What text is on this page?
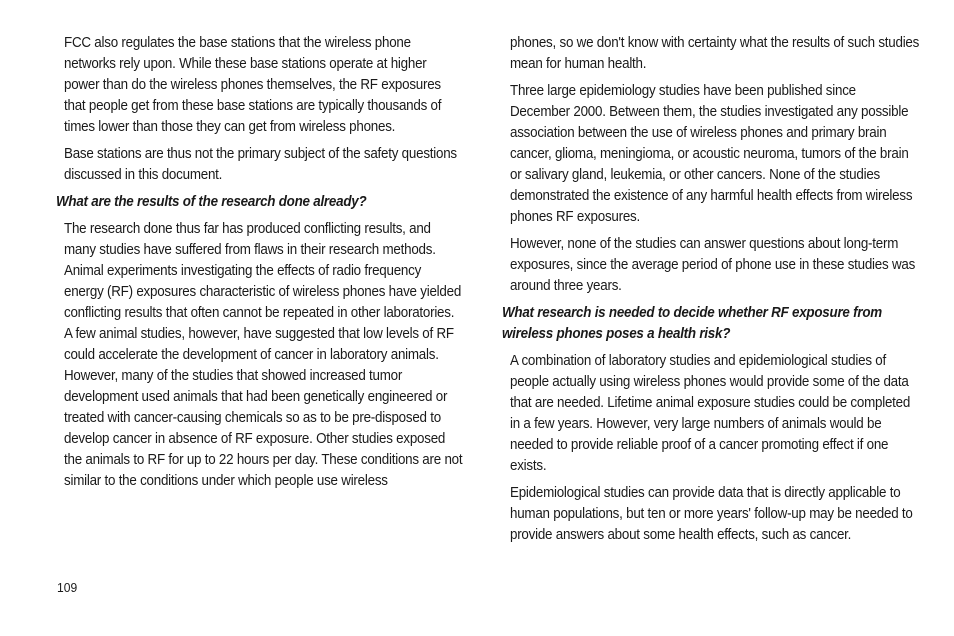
FCC also regulates the base stations that the wireless phone networks rely upon. While these base stations operate at higher power than do the wireless phones themselves, the RF exposures that people get from these base stations are typically thousands of times lower than those they can get from wireless phones.

Base stations are thus not the primary subject of the safety questions discussed in this document.

What are the results of the research done already?

The research done thus far has produced conflicting results, and many studies have suffered from flaws in their research methods. Animal experiments investigating the effects of radio frequency energy (RF) exposures characteristic of wireless phones have yielded conflicting results that often cannot be repeated in other laboratories. A few animal studies, however, have suggested that low levels of RF could accelerate the development of cancer in laboratory animals. However, many of the studies that showed increased tumor development used animals that had been genetically engineered or treated with cancer-causing chemicals so as to be pre-disposed to develop cancer in absence of RF exposure. Other studies exposed the animals to RF for up to 22 hours per day. These conditions are not similar to the conditions under which people use wireless

phones, so we don't know with certainty what the results of such studies mean for human health.

Three large epidemiology studies have been published since December 2000. Between them, the studies investigated any possible association between the use of wireless phones and primary brain cancer, glioma, meningioma, or acoustic neuroma, tumors of the brain or salivary gland, leukemia, or other cancers. None of the studies demonstrated the existence of any harmful health effects from wireless phones RF exposures.

However, none of the studies can answer questions about long-term exposures, since the average period of phone use in these studies was around three years.

What research is needed to decide whether RF exposure from wireless phones poses a health risk?

A combination of laboratory studies and epidemiological studies of people actually using wireless phones would provide some of the data that are needed. Lifetime animal exposure studies could be completed in a few years. However, very large numbers of animals would be needed to provide reliable proof of a cancer promoting effect if one exists.

Epidemiological studies can provide data that is directly applicable to human populations, but ten or more years' follow-up may be needed to provide answers about some health effects, such as cancer.

109
